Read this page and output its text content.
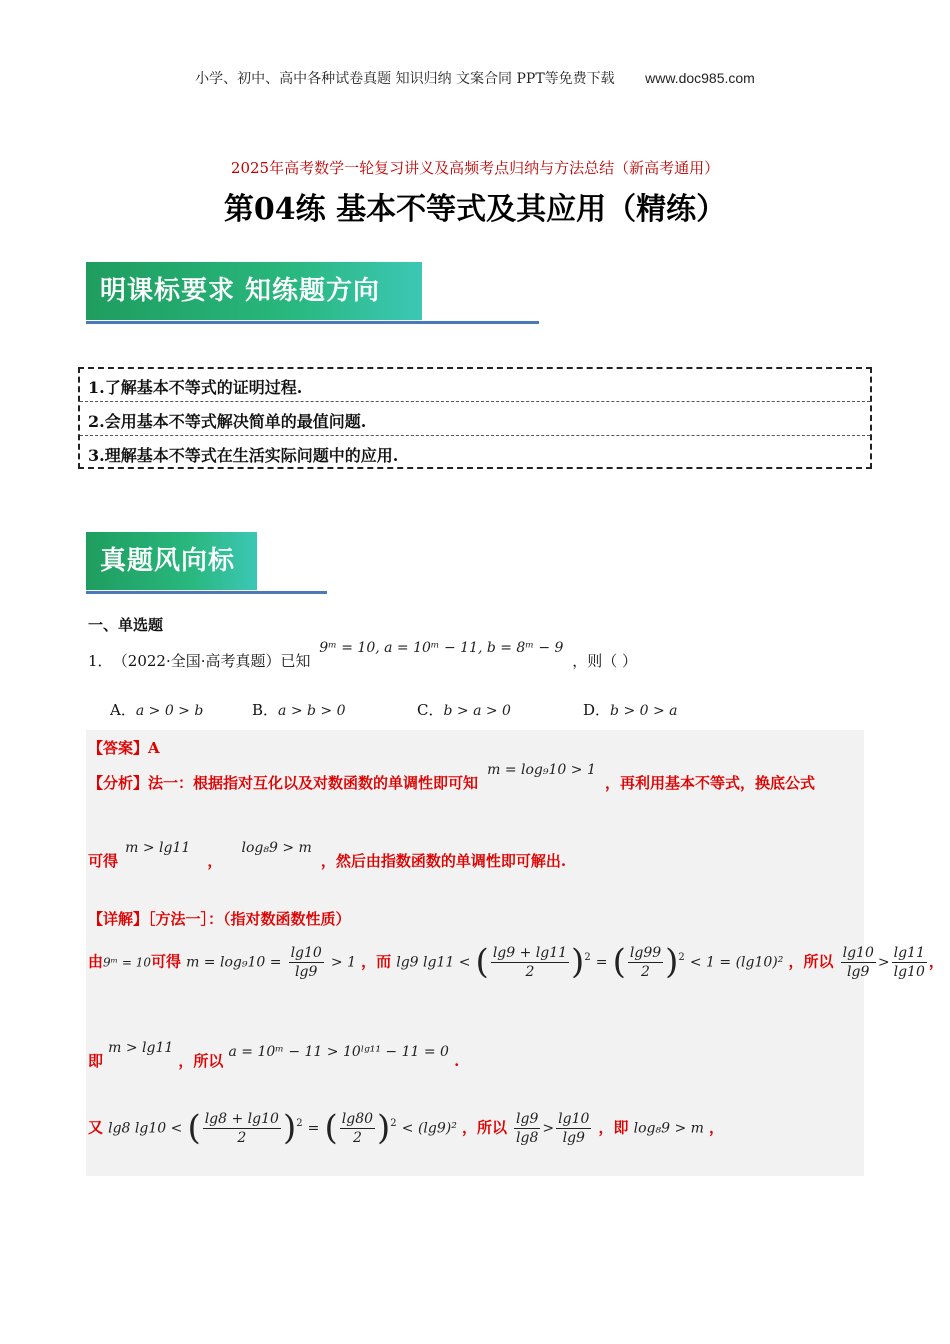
小学、初中、高中各种试卷真题 知识归纳 文案合同 PPT等免费下载 www.doc985.com
2025年高考数学一轮复习讲义及高频考点归纳与方法总结（新高考通用）
第04练 基本不等式及其应用（精练）
明课标要求 知练题方向
1.了解基本不等式的证明过程.
2.会用基本不等式解决简单的最值问题.
3.理解基本不等式在生活实际问题中的应用.
真题风向标
一、单选题
1． （2022·全国·高考真题）已知 9ᵐ = 10, a = 10ᵐ − 11, b = 8ᵐ − 9 ，则（ ）
A．a > 0 > b	B．a > b > 0	C．b > a > 0	D．b > 0 > a
【答案】A
【分析】法一：根据指对互化以及对数函数的单调性即可知 m = log₉10 > 1 ，再利用基本不等式，换底公式
可得 m > lg11 ， log₈9 > m ，然后由指数函数的单调性即可解出.
【详解】［方法一］：（指对数函数性质）
由9ᵐ = 10可得 $m = \log_910 = \frac{\lg 10}{\lg 9} > 1$ ，而 lg9 lg11 < ( $\frac{\lg 9 + \lg 11}{2} )^2$ = ( $\frac{\lg 99}{2} )^2 < 1 = (\lg 10)^2$ ，所以 $\frac{\lg 10}{\lg 9} > \frac{\lg 11}{\lg 10}$ ，
即 m > lg11 ，所以 a = 10ᵐ − 11 > 10ˡᵍ¹¹ − 11 = 0 .
又 lg8 lg10 < ( $\frac{\lg 8 + \lg 10}{2} )^2$ = ( $\frac{\lg 80}{2} )^2 < (\lg 9)^2$ ，所以 $\frac{\lg 9}{\lg 8} > \frac{\lg 10}{\lg 9}$ ，即 log₈9 > m ，
